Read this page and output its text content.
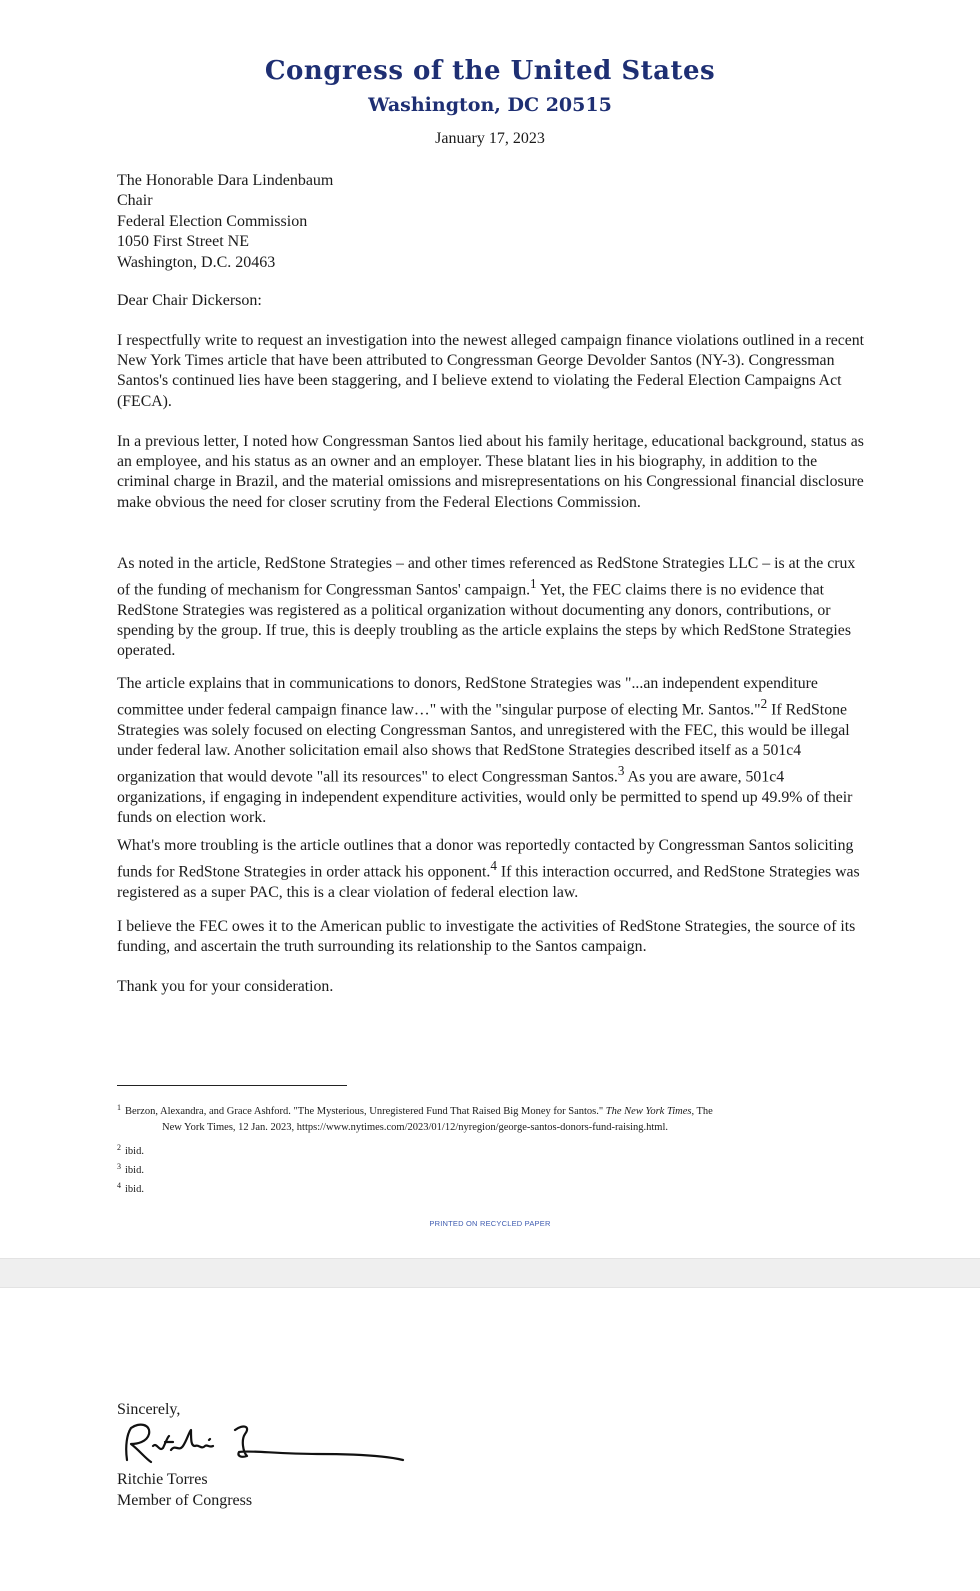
Congress of the United States
Washington, DC 20515
January 17, 2023
The Honorable Dara Lindenbaum
Chair
Federal Election Commission
1050 First Street NE
Washington, D.C. 20463
Dear Chair Dickerson:

I respectfully write to request an investigation into the newest alleged campaign finance violations outlined in a recent New York Times article that have been attributed to Congressman George Devolder Santos (NY-3). Congressman Santos's continued lies have been staggering, and I believe extend to violating the Federal Election Campaigns Act (FECA).

In a previous letter, I noted how Congressman Santos lied about his family heritage, educational background, status as an employee, and his status as an owner and an employer. These blatant lies in his biography, in addition to the criminal charge in Brazil, and the material omissions and misrepresentations on his Congressional financial disclosure make obvious the need for closer scrutiny from the Federal Elections Commission.

As noted in the article, RedStone Strategies – and other times referenced as RedStone Strategies LLC – is at the crux of the funding of mechanism for Congressman Santos' campaign.$^1$ Yet, the FEC claims there is no evidence that RedStone Strategies was registered as a political organization without documenting any donors, contributions, or spending by the group. If true, this is deeply troubling as the article explains the steps by which RedStone Strategies operated.

The article explains that in communications to donors, RedStone Strategies was "...an independent expenditure committee under federal campaign finance law…" with the "singular purpose of electing Mr. Santos."$^2$ If RedStone Strategies was solely focused on electing Congressman Santos, and unregistered with the FEC, this would be illegal under federal law. Another solicitation email also shows that RedStone Strategies described itself as a 501c4 organization that would devote "all its resources" to elect Congressman Santos.$^3$ As you are aware, 501c4 organizations, if engaging in independent expenditure activities, would only be permitted to spend up 49.9% of their funds on election work.

What's more troubling is the article outlines that a donor was reportedly contacted by Congressman Santos soliciting funds for RedStone Strategies in order attack his opponent.$^4$ If this interaction occurred, and RedStone Strategies was registered as a super PAC, this is a clear violation of federal election law.

I believe the FEC owes it to the American public to investigate the activities of RedStone Strategies, the source of its funding, and ascertain the truth surrounding its relationship to the Santos campaign.

Thank you for your consideration.

$^1$ Berzon, Alexandra, and Grace Ashford. "The Mysterious, Unregistered Fund That Raised Big Money for Santos." The New York Times, The
New York Times, 12 Jan. 2023, https://www.nytimes.com/2023/01/12/nyregion/george-santos-donors-fund-raising.html.
$^2$ ibid.
$^3$ ibid.
$^4$ ibid.
PRINTED ON RECYCLED PAPER
Sincerely,
Ritchie Torres
Member of Congress
